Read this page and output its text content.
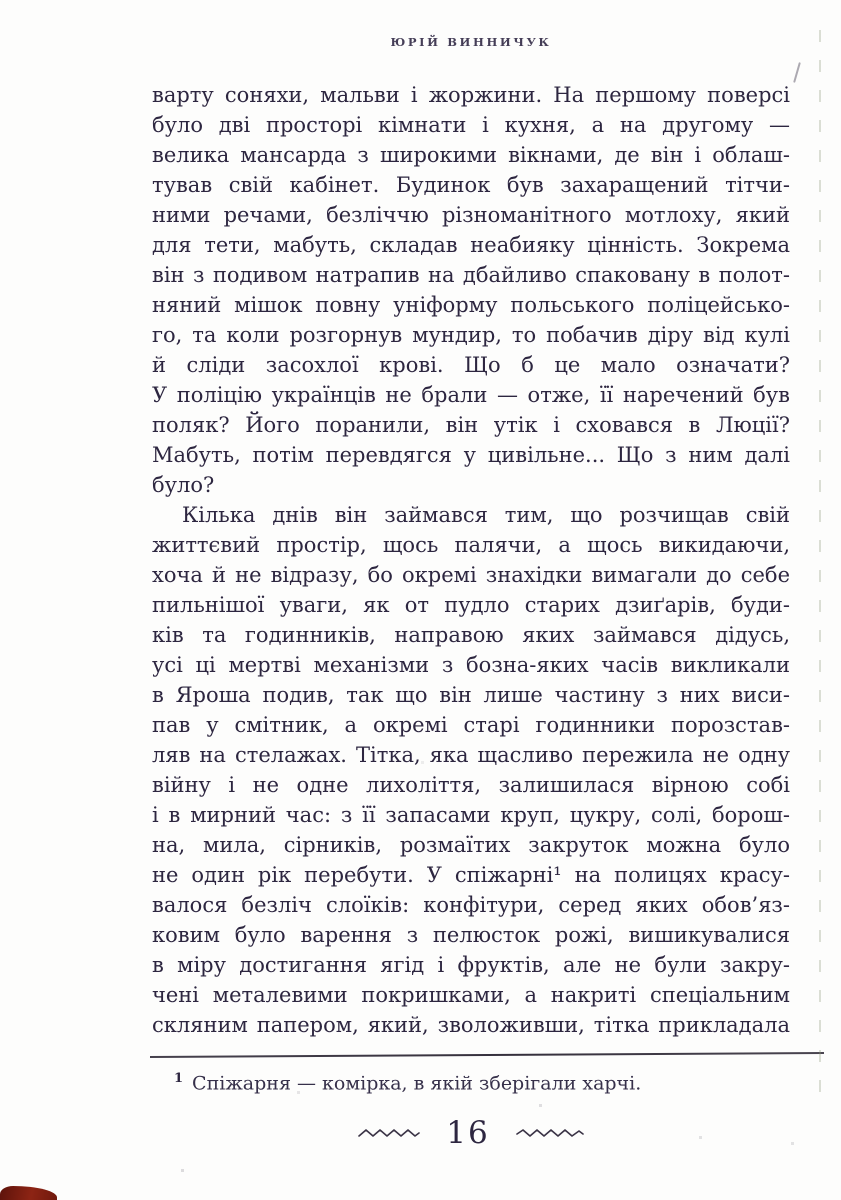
ЮРІЙ ВИННИЧУК
варту соняхи, мальви і жоржини. На першому поверсі
було дві просторі кімнати і кухня, а на другому —
велика мансарда з широкими вікнами, де він і облаш-
тував свій кабінет. Будинок був захаращений тітчи-
ними речами, безліччю різноманітного мотлоху, який
для тети, мабуть, складав неабияку цінність. Зокрема
він з подивом натрапив на дбайливо спаковану в полот-
няний мішок повну уніформу польського поліцейсько-
го, та коли розгорнув мундир, то побачив діру від кулі
й сліди засохлої крові. Що б це мало означати?
У поліцію українців не брали — отже, її наречений був
поляк? Його поранили, він утік і сховався в Люції?
Мабуть, потім перевдягся у цивільне... Що з ним далі
було?
Кілька днів він займався тим, що розчищав свій
життєвий простір, щось палячи, а щось викидаючи,
хоча й не відразу, бо окремі знахідки вимагали до себе
пильнішої уваги, як от пудло старих дзиґарів, буди-
ків та годинників, направою яких займався дідусь,
усі ці мертві механізми з бозна-яких часів викликали
в Яроша подив, так що він лише частину з них виси-
пав у смітник, а окремі старі годинники порозстав-
ляв на стелажах. Тітка, яка щасливо пережила не одну
війну і не одне лихоліття, залишилася вірною собі
і в мирний час: з її запасами круп, цукру, солі, борош-
на, мила, сірників, розмаїтих закруток можна було
не один рік перебути. У спіжарні¹ на полицях красу-
валося безліч слоїків: конфітури, серед яких обов’яз-
ковим було варення з пелюсток рожі, вишикувалися
в міру достигання ягід і фруктів, але не були закру-
чені металевими покришками, а накриті спеціальним
скляним папером, який, зволоживши, тітка прикладала
$^1$ Спіжарня — комірка, в якій зберігали харчі.
16
